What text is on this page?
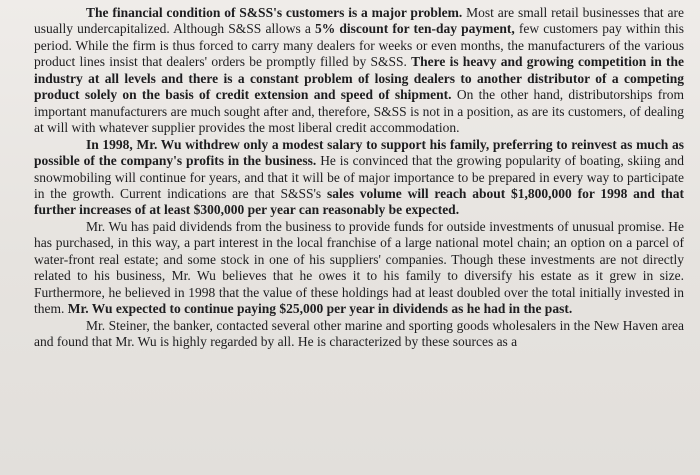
The financial condition of S&SS's customers is a major problem. Most are small retail businesses that are usually undercapitalized. Although S&SS allows a 5% discount for ten-day payment, few customers pay within this period. While the firm is thus forced to carry many dealers for weeks or even months, the manufacturers of the various product lines insist that dealers' orders be promptly filled by S&SS. There is heavy and growing competition in the industry at all levels and there is a constant problem of losing dealers to another distributor of a competing product solely on the basis of credit extension and speed of shipment. On the other hand, distributorships from important manufacturers are much sought after and, therefore, S&SS is not in a position, as are its customers, of dealing at will with whatever supplier provides the most liberal credit accommodation.

In 1998, Mr. Wu withdrew only a modest salary to support his family, preferring to reinvest as much as possible of the company's profits in the business. He is convinced that the growing popularity of boating, skiing and snowmobiling will continue for years, and that it will be of major importance to be prepared in every way to participate in the growth. Current indications are that S&SS's sales volume will reach about $1,800,000 for 1998 and that further increases of at least $300,000 per year can reasonably be expected.

Mr. Wu has paid dividends from the business to provide funds for outside investments of unusual promise. He has purchased, in this way, a part interest in the local franchise of a large national motel chain; an option on a parcel of water-front real estate; and some stock in one of his suppliers' companies. Though these investments are not directly related to his business, Mr. Wu believes that he owes it to his family to diversify his estate as it grew in size. Furthermore, he believed in 1998 that the value of these holdings had at least doubled over the total initially invested in them. Mr. Wu expected to continue paying $25,000 per year in dividends as he had in the past.

Mr. Steiner, the banker, contacted several other marine and sporting goods wholesalers in the New Haven area and found that Mr. Wu is highly regarded by all. He is characterized by these sources as a
